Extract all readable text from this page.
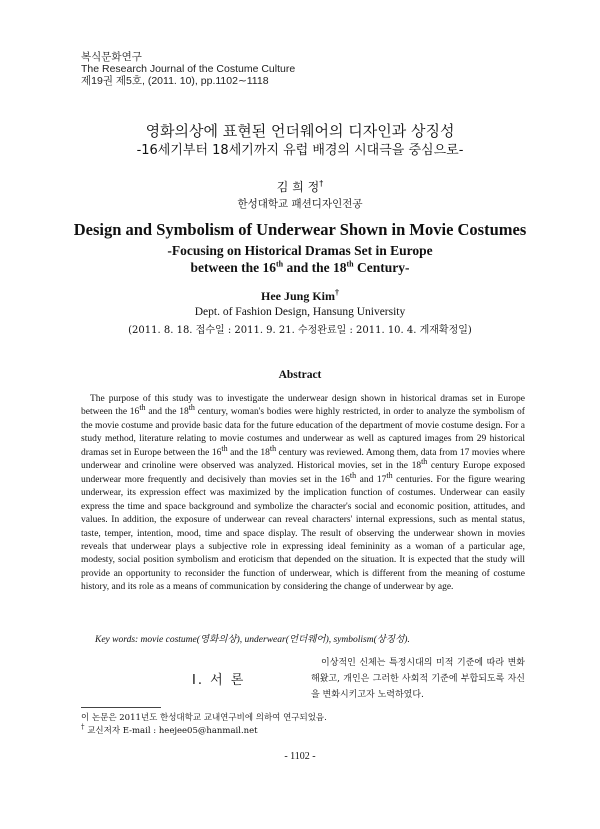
복식문화연구
The Research Journal of the Costume Culture
제19권 제5호, (2011. 10), pp.1102∼1118
영화의상에 표현된 언더웨어의 디자인과 상징성
-16세기부터 18세기까지 유럽 배경의 시대극을 중심으로-
김 희 정†
한성대학교 패션디자인전공
Design and Symbolism of Underwear Shown in Movie Costumes
-Focusing on Historical Dramas Set in Europe
between the 16th and the 18th Century-
Hee Jung Kim†
Dept. of Fashion Design, Hansung University
(2011. 8. 18. 접수일 : 2011. 9. 21. 수정완료일 : 2011. 10. 4. 게재확정일)
Abstract
The purpose of this study was to investigate the underwear design shown in historical dramas set in Europe between the 16th and the 18th century, woman's bodies were highly restricted, in order to analyze the symbolism of the movie costume and provide basic data for the future education of the department of movie costume design. For a study method, literature relating to movie costumes and underwear as well as captured images from 29 historical dramas set in Europe between the 16th and the 18th century was reviewed. Among them, data from 17 movies where underwear and crinoline were observed was analyzed. Historical movies, set in the 18th century Europe exposed underwear more frequently and decisively than movies set in the 16th and 17th centuries. For the figure wearing underwear, its expression effect was maximized by the implication function of costumes. Underwear can easily express the time and space background and symbolize the character's social and economic position, attitudes, and values. In addition, the exposure of underwear can reveal characters' internal expressions, such as mental status, taste, temper, intention, mood, time and space display. The result of observing the underwear shown in movies reveals that underwear plays a subjective role in expressing ideal femininity as a woman of a particular age, modesty, social position symbolism and eroticism that depended on the situation. It is expected that the study will provide an opportunity to reconsider the function of underwear, which is different from the meaning of costume history, and its role as a means of communication by considering the change of underwear by age.
Key words: movie costume(영화의상), underwear(언더웨어), symbolism(상징성).
Ⅰ. 서 론
이상적인 신체는 특정시대의 미적 기준에 따라 변화해왔고, 개인은 그러한 사회적 기준에 부합되도록 자신을 변화시키고자 노력하였다.
이 논문은 2011년도 한성대학교 교내연구비에 의하여 연구되었음.
† 교신저자 E-mail : heejee05@hanmail.net
- 1102 -
